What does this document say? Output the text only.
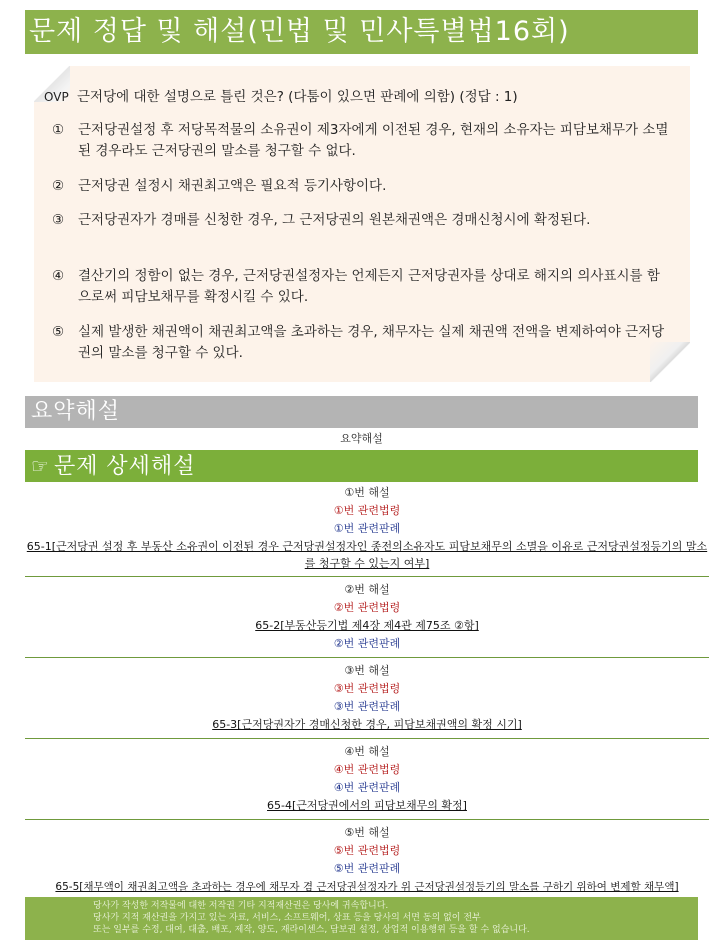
문제 정답 및 해설(민법 및 민사특별법16회)
OVP 근저당에 대한 설명으로 틀린 것은? (다툼이 있으면 판례에 의함) (정답 : 1)
①	근저당권설정 후 저당목적물의 소유권이 제3자에게 이전된 경우, 현재의 소유자는 피담보채무가 소멸된 경우라도 근저당권의 말소를 청구할 수 없다.
②	근저당권 설정시 채권최고액은 필요적 등기사항이다.
③	근저당권자가 경매를 신청한 경우, 그 근저당권의 원본채권액은 경매신청시에 확정된다.
④	결산기의 정함이 없는 경우, 근저당권설정자는 언제든지 근저당권자를 상대로 해지의 의사표시를 함으로써 피담보채무를 확정시킬 수 있다.
⑤	실제 발생한 채권액이 채권최고액을 초과하는 경우, 채무자는 실제 채권액 전액을 변제하여야 근저당권의 말소를 청구할 수 있다.
요약해설
요약해설
☞ 문제 상세해설
①번 해설
①번 관련법령
①번 관련판례
65-1[근저당권 설정 후 부동산 소유권이 이전된 경우 근저당권설정자인 종전의소유자도 피담보채무의 소멸을 이유로 근저당권설정등기의 말소를 청구할 수 있는지 여부]
②번 해설
②번 관련법령
65-2[부동산등기법 제4장 제4관 제75조 ②항]
②번 관련판례
③번 해설
③번 관련법령
③번 관련판례
65-3[근저당권자가 경매신청한 경우, 피담보채권액의 확정 시기]
④번 해설
④번 관련법령
④번 관련판례
65-4[근저당권에서의 피담보채무의 확정]
⑤번 해설
⑤번 관련법령
⑤번 관련판례
65-5[채무액이 채권최고액을 초과하는 경우에 채무자 겸 근저당권설정자가 위 근저당권설정등기의 말소를 구하기 위하여 변제할 채무액]
당사가 작성한 저작물에 대한 저작권 기타 지적재산권은 당사에 귀속합니다.
당사가 지적 재산권을 가지고 있는 자료, 서비스, 소프트웨어, 상표 등을 당사의 서면 동의 없이 전부
또는 일부를 수정, 대여, 대출, 배포, 제작, 양도, 재라이센스, 담보권 설정, 상업적 이용행위 등을 할 수 없습니다.
